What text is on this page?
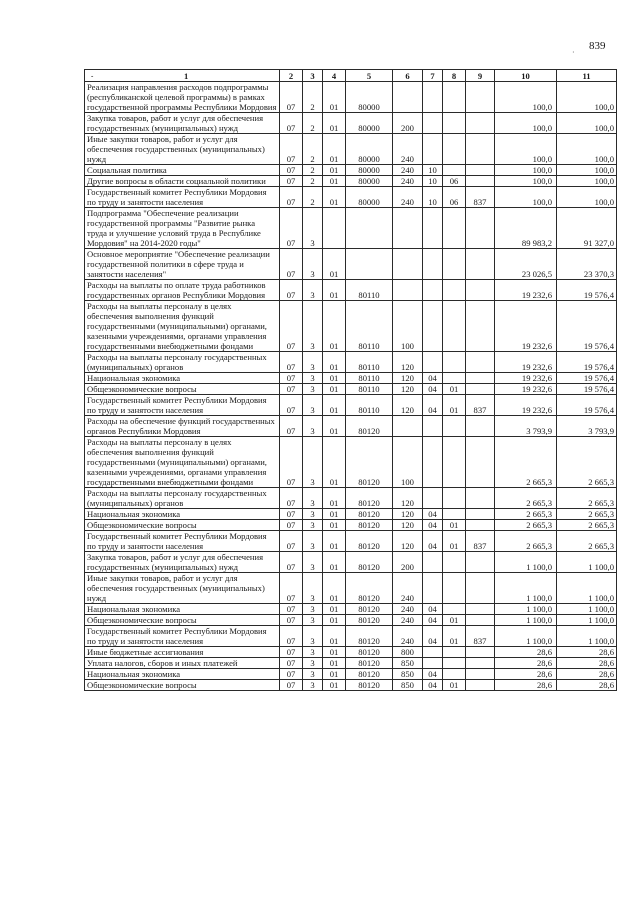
839
·
- 1	2	3	4	5	6	7	8	9	10	11
Реализация направления расходов подпрограммы (республиканской целевой программы) в рамках государственной программы Республики Мордовия	07	2	01	80000					100,0	100,0
Закупка товаров, работ и услуг для обеспечения государственных (муниципальных) нужд	07	2	01	80000	200				100,0	100,0
Иные закупки товаров, работ и услуг для обеспечения государственных (муниципальных) нужд	07	2	01	80000	240				100,0	100,0
Социальная политика	07	2	01	80000	240	10			100,0	100,0
Другие вопросы в области социальной политики	07	2	01	80000	240	10	06		100,0	100,0
Государственный комитет Республики Мордовия по труду и занятости населения	07	2	01	80000	240	10	06	837	100,0	100,0
Подпрограмма "Обеспечение реализации государственной программы "Развитие рынка труда и улучшение условий труда в Республике Мордовия" на 2014-2020 годы"	07	3							89 983,2	91 327,0
Основное мероприятие "Обеспечение реализации государственной политики в сфере труда и занятости населения"	07	3	01						23 026,5	23 370,3
Расходы на выплаты по оплате труда работников государственных органов Республики Мордовия	07	3	01	80110					19 232,6	19 576,4
Расходы на выплаты персоналу в целях обеспечения выполнения функций государственными (муниципальными) органами, казенными учреждениями, органами управления государственными внебюджетными фондами	07	3	01	80110	100				19 232,6	19 576,4
Расходы на выплаты персоналу государственных (муниципальных) органов	07	3	01	80110	120				19 232,6	19 576,4
Национальная экономика	07	3	01	80110	120	04			19 232,6	19 576,4
Общеэкономические вопросы	07	3	01	80110	120	04	01		19 232,6	19 576,4
Государственный комитет Республики Мордовия по труду и занятости населения	07	3	01	80110	120	04	01	837	19 232,6	19 576,4
Расходы на обеспечение функций государственных органов Республики Мордовия	07	3	01	80120					3 793,9	3 793,9
Расходы на выплаты персоналу в целях обеспечения выполнения функций государственными (муниципальными) органами, казенными учреждениями, органами управления государственными внебюджетными фондами	07	3	01	80120	100				2 665,3	2 665,3
Расходы на выплаты персоналу государственных (муниципальных) органов	07	3	01	80120	120				2 665,3	2 665,3
Национальная экономика	07	3	01	80120	120	04			2 665,3	2 665,3
Общеэкономические вопросы	07	3	01	80120	120	04	01		2 665,3	2 665,3
Государственный комитет Республики Мордовия по труду и занятости населения	07	3	01	80120	120	04	01	837	2 665,3	2 665,3
Закупка товаров, работ и услуг для обеспечения государственных (муниципальных) нужд	07	3	01	80120	200				1 100,0	1 100,0
Иные закупки товаров, работ и услуг для обеспечения государственных (муниципальных) нужд	07	3	01	80120	240				1 100,0	1 100,0
Национальная экономика	07	3	01	80120	240	04			1 100,0	1 100,0
Общеэкономические вопросы	07	3	01	80120	240	04	01		1 100,0	1 100,0
Государственный комитет Республики Мордовия по труду и занятости населения	07	3	01	80120	240	04	01	837	1 100,0	1 100,0
Иные бюджетные ассигнования	07	3	01	80120	800				28,6	28,6
Уплата налогов, сборов и иных платежей	07	3	01	80120	850				28,6	28,6
Национальная экономика	07	3	01	80120	850	04			28,6	28,6
Общеэкономические вопросы	07	3	01	80120	850	04	01		28,6	28,6
